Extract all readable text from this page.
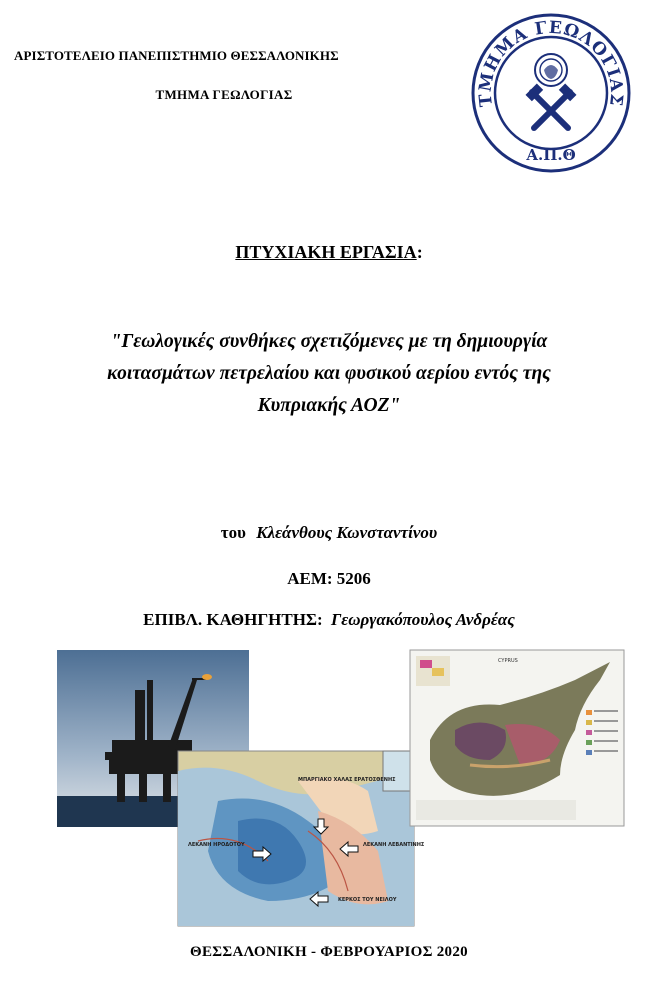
ΑΡΙΣΤΟΤΕΛΕΙΟ ΠΑΝΕΠΙΣΤΗΜΙΟ ΘΕΣΣΑΛΟΝΙΚΗΣ
ΤΜΗΜΑ ΓΕΩΛΟΓΙΑΣ	ΤΜΗΜΑ ΓΕΩΛΟΓΙΑΣ
Α.Π.Θ
ΠΤΥΧΙΑΚΗ ΕΡΓΑΣΙΑ:
"Γεωλογικές συνθήκες σχετιζόμενες με τη δημιουργία
κοιτασμάτων πετρελαίου και φυσικού αερίου εντός της
Κυπριακής ΑΟΖ"
του Κλεάνθους Κωνσταντίνου
ΑΕΜ: 5206
ΕΠΙΒΛ. ΚΑΘΗΓΗΤΗΣ: Γεωργακόπουλος Ανδρέας
ΜΠΑΡΓΙΑΚΟ ΧΑΛΑΣ ΕΡΑΤΟΣΘΕΝΗΣ
ΛΕΚΑΝΗ ΗΡΟΔΟΤΟΥ	ΛΕΚΑΝΗ ΛΕΒΑΝΤΙΝΗΣ
ΚΕΡΚΟΣ ΤΟΥ ΝΕΙΛΟΥ
CYPRUS
ΘΕΣΣΑΛΟΝΙΚΗ - ΦΕΒΡΟΥΑΡΙΟΣ 2020
